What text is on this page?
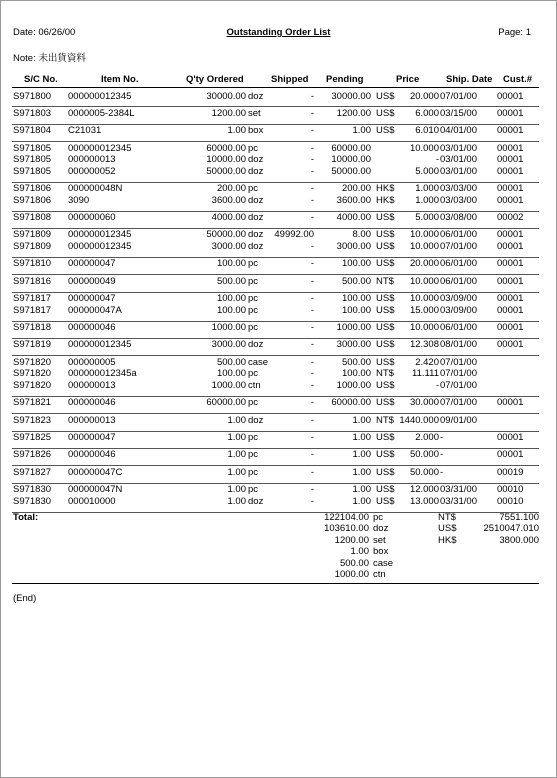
Date: 06/26/00	Outstanding Order List	Page: 1
Note: 未出貨資料
S/C No.	Item No.	Q'ty Ordered	Shipped Pending	Price	Ship. Date Cust.#
S971800 000000012345	30000.00 doz	- 30000.00 US$ 20.000 07/01/00 00001
S971803 0000005-2384L	1200.00 set	- 1200.00 US$ 6.000 03/15/00 00001
S971804 C21031	1.00 box	-	1.00 US$ 6.010 04/01/00 00001
S971805 000000012345	60000.00 pc	- 60000.00	10.000 03/01/00 00001
S971805 000000013	10000.00 doz	- 10000.00	- 03/01/00 00001
S971805 000000052	50000.00 doz	- 50000.00	5.000 03/01/00 00001
S971806 000000048N	200.00 pc	-	200.00 HK$ 1.000 03/03/00 00001
S971806 3090	3600.00 doz	- 3600.00 HK$ 1.000 03/03/00 00001
S971808 000000060	4000.00 doz	- 4000.00 US$ 5.000 03/08/00 00002
S971809 000000012345	50000.00 doz 49992.00	8.00 US$ 10.000 06/01/00 00001
S971809 000000012345	3000.00 doz	- 3000.00 US$ 10.000 07/01/00 00001
S971810 000000047	100.00 pc	-	100.00 US$ 20.000 06/01/00 00001
S971816 000000049	500.00 pc	-	500.00 NT$ 10.000 06/01/00 00001
S971817 000000047	100.00 pc	-	100.00 US$ 10.000 03/09/00 00001
S971817 000000047A	100.00 pc	-	100.00 US$ 15.000 03/09/00 00001
S971818 000000046	1000.00 pc	- 1000.00 US$ 10.000 06/01/00 00001
S971819 000000012345	3000.00 doz	- 3000.00 US$ 12.308 08/01/00 00001
S971820 000000005	500.00 case	-	500.00 US$ 2.420 07/01/00
S971820 000000012345a	100.00 pc	-	100.00 NT$ 11.111 07/01/00
S971820 000000013	1000.00 ctn	- 1000.00 US$	- 07/01/00
S971821 000000046	60000.00 pc	- 60000.00 US$ 30.000 07/01/00 00001
S971823 000000013	1.00 doz	-	1.00 NT$ 1440.000 09/01/00
S971825 000000047	1.00 pc	-	1.00 US$ 2.000 -	00001
S971826 000000046	1.00 pc	-	1.00 US$ 50.000 -	00001
S971827 000000047C	1.00 pc	-	1.00 US$ 50.000 -	00019
S971830 000000047N	1.00 pc	-	1.00 US$ 12.000 03/31/00 00010
S971830 000010000	1.00 doz	-	1.00 US$ 13.000 03/31/00 00010
Total:	122104.00 pc
103610.00 doz
1200.00 set
1.00 box
500.00 case
1000.00 ctn
NT$	7551.100
US$	2510047.010
HK$	3800.000
(End)
